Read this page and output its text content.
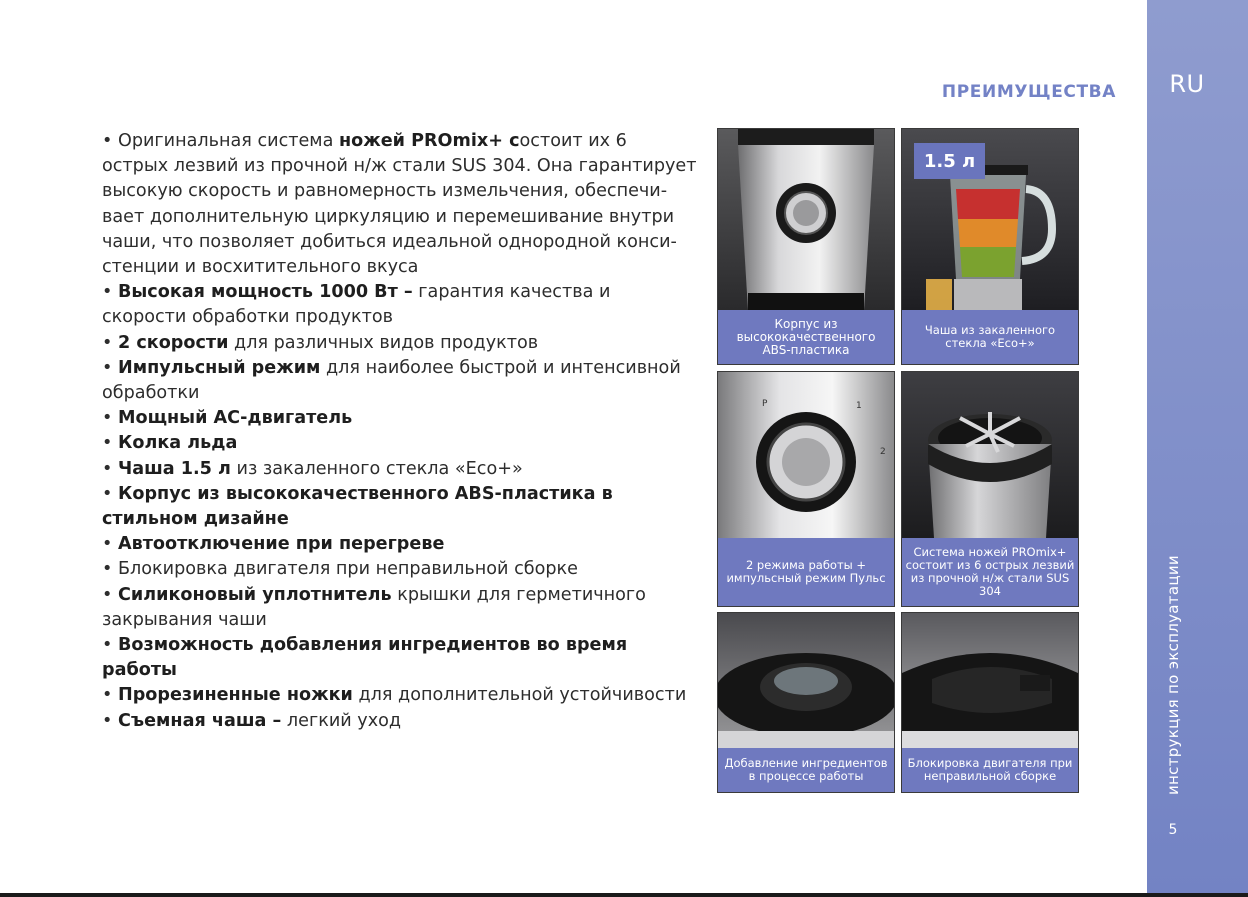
RU
5
инструкция по эксплуатации
ПРЕИМУЩЕСТВА

• Оригинальная система ножей PROmix+ состоит их 6 острых лезвий из прочной н/ж стали SUS 304. Она гарантирует высокую скорость и равномерность измельчения, обеспечи-вает дополнительную циркуляцию и перемешивание внутри чаши, что позволяет добиться идеальной однородной конси-стенции и восхитительного вкуса

• Высокая мощность 1000 Вт – гарантия качества и скорости обработки продуктов

• 2 скорости для различных видов продуктов

• Импульсный режим для наиболее быстрой и интенсивной обработки

• Мощный АС-двигатель

• Колка льда

• Чаша 1.5 л из закаленного стекла «Eco+»

• Корпус из высококачественного ABS-пластика в стильном дизайне

• Автоотключение при перегреве

• Блокировка двигателя при неправильной сборке

• Силиконовый уплотнитель крышки для герметичного закрывания чаши

• Возможность добавления ингредиентов во время работы

• Прорезиненные ножки для дополнительной устойчивости

• Съемная чаша – легкий уход

Корпус из высококачественного ABS-пластика
1.5 л
Чаша из закаленного стекла «Eco+»
P	1
2
2 режима работы + импульсный режим Пульс
Система ножей PROmix+ состоит из 6 острых лезвий из прочной н/ж стали SUS 304
Добавление ингредиентов в процессе работы
Блокировка двигателя при неправильной сборке
